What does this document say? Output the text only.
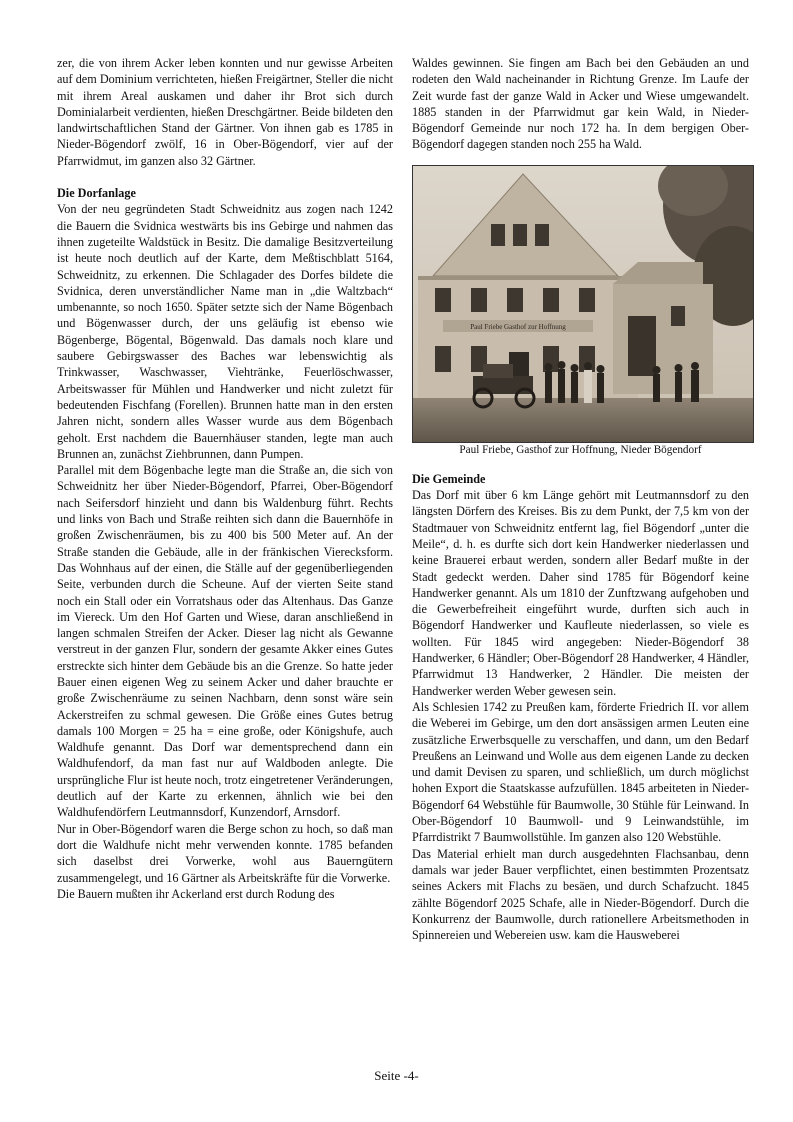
zer, die von ihrem Acker leben konnten und nur gewisse Arbeiten auf dem Dominium verrichteten, hießen Freigärtner, Steller die nicht mit ihrem Areal auskamen und daher ihr Brot sich durch Dominialarbeit verdienten, hießen Dreschgärtner. Beide bildeten den landwirtschaftlichen Stand der Gärtner. Von ihnen gab es 1785 in Nieder-Bögendorf zwölf, 16 in Ober-Bögendorf, vier auf der Pfarrwidmut, im ganzen also 32 Gärtner.

Die Dorfanlage

Von der neu gegründeten Stadt Schweidnitz aus zogen nach 1242 die Bauern die Svidnica westwärts bis ins Gebirge und nahmen das ihnen zugeteilte Waldstück in Besitz. Die damalige Besitzverteilung ist heute noch deutlich auf der Karte, dem Meßtischblatt 5164, Schweidnitz, zu erkennen. Die Schlagader des Dorfes bildete die Svidnica, deren unverständlicher Name man in „die Waltzbach“ umbenannte, so noch 1650. Später setzte sich der Name Bögenbach und Bögenwasser durch, der uns geläufig ist ebenso wie Bögenberge, Bögental, Bögenwald. Das damals noch klare und saubere Gebirgswasser des Baches war lebenswichtig als Trinkwasser, Waschwasser, Viehtränke, Feuerlöschwasser, Arbeitswasser für Mühlen und Handwerker und nicht zuletzt für bedeutenden Fischfang (Forellen). Brunnen hatte man in den ersten Jahren nicht, sondern alles Wasser wurde aus dem Bögenbach geholt. Erst nachdem die Bauernhäuser standen, legte man auch Brunnen an, zunächst Ziehbrunnen, dann Pumpen.

Parallel mit dem Bögenbache legte man die Straße an, die sich von Schweidnitz her über Nieder-Bögendorf, Pfarrei, Ober-Bögendorf nach Seifersdorf hinzieht und dann bis Waldenburg führt. Rechts und links von Bach und Straße reihten sich dann die Bauernhöfe in großen Zwischenräumen, bis zu 400 bis 500 Meter auf. An der Straße standen die Gebäude, alle in der fränkischen Vierecksform. Das Wohnhaus auf der einen, die Ställe auf der gegenüberliegenden Seite, verbunden durch die Scheune. Auf der vierten Seite stand noch ein Stall oder ein Vorratshaus oder das Altenhaus. Das Ganze im Viereck. Um den Hof Garten und Wiese, daran anschließend in langen schmalen Streifen der Acker. Dieser lag nicht als Gewanne verstreut in der ganzen Flur, sondern der gesamte Akker eines Gutes erstreckte sich hinter dem Gebäude bis an die Grenze. So hatte jeder Bauer einen eigenen Weg zu seinem Acker und daher brauchte er große Zwischenräume zu seinen Nachbarn, denn sonst wäre sein Ackerstreifen zu schmal gewesen. Die Größe eines Gutes betrug damals 100 Morgen = 25 ha = eine große, oder Königshufe, auch Waldhufe genannt. Das Dorf war dementsprechend dann ein Waldhufendorf, da man fast nur auf Waldboden anlegte. Die ursprüngliche Flur ist heute noch, trotz eingetretener Veränderungen, deutlich auf der Karte zu erkennen, ähnlich wie bei den Waldhufendörfern Leutmannsdorf, Kunzendorf, Arnsdorf.

Nur in Ober-Bögendorf waren die Berge schon zu hoch, so daß man dort die Waldhufe nicht mehr verwenden konnte. 1785 befanden sich daselbst drei Vorwerke, wohl aus Bauerngütern zusammengelegt, und 16 Gärtner als Arbeitskräfte für die Vorwerke.

Die Bauern mußten ihr Ackerland erst durch Rodung des

Waldes gewinnen. Sie fingen am Bach bei den Gebäuden an und rodeten den Wald nacheinander in Richtung Grenze. Im Laufe der Zeit wurde fast der ganze Wald in Acker und Wiese umgewandelt. 1885 standen in der Pfarrwidmut gar kein Wald, in Nieder-Bögendorf Gemeinde nur noch 172 ha. In dem bergigen Ober-Bögendorf dagegen standen noch 255 ha Wald.

Paul Friebe Gasthof zur Hoffnung

Paul Friebe, Gasthof zur Hoffnung, Nieder Bögendorf

Die Gemeinde

Das Dorf mit über 6 km Länge gehört mit Leutmannsdorf zu den längsten Dörfern des Kreises. Bis zu dem Punkt, der 7,5 km von der Stadtmauer von Schweidnitz entfernt lag, fiel Bögendorf „unter die Meile“, d. h. es durfte sich dort kein Handwerker niederlassen und keine Brauerei erbaut werden, sondern aller Bedarf mußte in der Stadt gedeckt werden. Daher sind 1785 für Bögendorf keine Handwerker genannt. Als um 1810 der Zunftzwang aufgehoben und die Gewerbefreiheit eingeführt wurde, durften sich auch in Bögendorf Handwerker und Kaufleute niederlassen, so viele es wollten. Für 1845 wird angegeben: Nieder-Bögendorf 38 Handwerker, 6 Händler; Ober-Bögendorf 28 Handwerker, 4 Händler, Pfarrwidmut 13 Handwerker, 2 Händler. Die meisten der Handwerker werden Weber gewesen sein.

Als Schlesien 1742 zu Preußen kam, förderte Friedrich II. vor allem die Weberei im Gebirge, um den dort ansässigen armen Leuten eine zusätzliche Erwerbsquelle zu verschaffen, und dann, um den Bedarf Preußens an Leinwand und Wolle aus dem eigenen Lande zu decken und damit Devisen zu sparen, und schließlich, um durch möglichst hohen Export die Staatskasse aufzufüllen. 1845 arbeiteten in Nieder-Bögendorf 64 Webstühle für Baumwolle, 30 Stühle für Leinwand. In Ober-Bögendorf 10 Baumwoll- und 9 Leinwandstühle, im Pfarrdistrikt 7 Baumwollstühle. Im ganzen also 120 Webstühle.

Das Material erhielt man durch ausgedehnten Flachsanbau, denn damals war jeder Bauer verpflichtet, einen bestimmten Prozentsatz seines Ackers mit Flachs zu besäen, und durch Schafzucht. 1845 zählte Bögendorf 2025 Schafe, alle in Nieder-Bögendorf. Durch die Konkurrenz der Baumwolle, durch rationellere Arbeitsmethoden in Spinnereien und Webereien usw. kam die Hausweberei

Seite -4-
